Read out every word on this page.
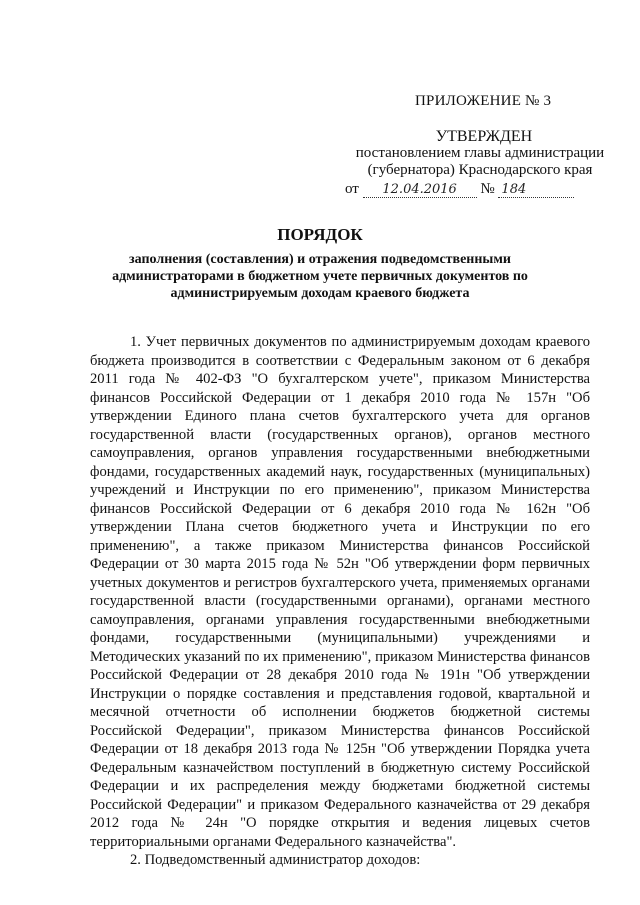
ПРИЛОЖЕНИЕ № 3
УТВЕРЖДЕН
постановлением главы администрации
(губернатора) Краснодарского края
от 12.04.2016 № 184
ПОРЯДОК
заполнения (составления) и отражения подведомственными администраторами в бюджетном учете первичных документов по администрируемым доходам краевого бюджета

1. Учет первичных документов по администрируемым доходам краевого бюджета производится в соответствии с Федеральным законом от 6 декабря 2011 года № 402-ФЗ "О бухгалтерском учете", приказом Министерства финансов Российской Федерации от 1 декабря 2010 года № 157н "Об утверждении Единого плана счетов бухгалтерского учета для органов государственной власти (государственных органов), органов местного самоуправления, органов управления государственными внебюджетными фондами, государственных академий наук, государственных (муниципальных) учреждений и Инструкции по его применению", приказом Министерства финансов Российской Федерации от 6 декабря 2010 года № 162н "Об утверждении Плана счетов бюджетного учета и Инструкции по его применению", а также приказом Министерства финансов Российской Федерации от 30 марта 2015 года № 52н "Об утверждении форм первичных учетных документов и регистров бухгалтерского учета, применяемых органами государственной власти (государственными органами), органами местного самоуправления, органами управления государственными внебюджетными фондами, государственными (муниципальными) учреждениями и Методических указаний по их применению", приказом Министерства финансов Российской Федерации от 28 декабря 2010 года № 191н "Об утверждении Инструкции о порядке составления и представления годовой, квартальной и месячной отчетности об исполнении бюджетов бюджетной системы Российской Федерации", приказом Министерства финансов Российской Федерации от 18 декабря 2013 года № 125н "Об утверждении Порядка учета Федеральным казначейством поступлений в бюджетную систему Российской Федерации и их распределения между бюджетами бюджетной системы Российской Федерации" и приказом Федерального казначейства от 29 декабря 2012 года № 24н "О порядке открытия и ведения лицевых счетов территориальными органами Федерального казначейства".

2. Подведомственный администратор доходов:
